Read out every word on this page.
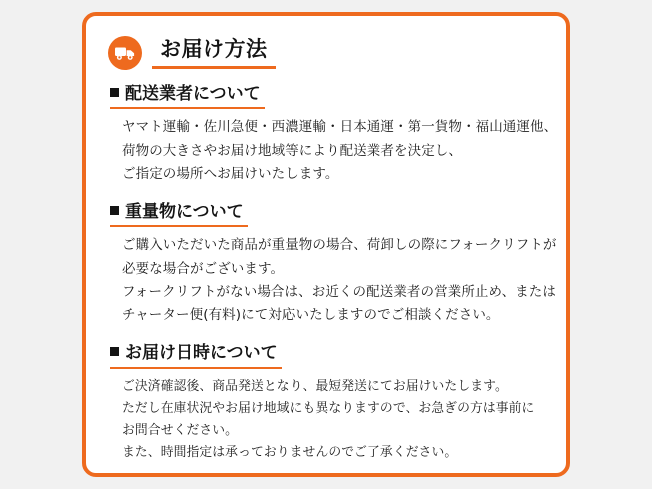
お届け方法
配送業者について
ヤマト運輸・佐川急便・西濃運輸・日本通運・第一貨物・福山通運他、
荷物の大きさやお届け地域等により配送業者を決定し、
ご指定の場所へお届けいたします。
重量物について
ご購入いただいた商品が重量物の場合、荷卸しの際にフォークリフトが
必要な場合がございます。
フォークリフトがない場合は、お近くの配送業者の営業所止め、または
チャーター便(有料)にて対応いたしますのでご相談ください。
お届け日時について
ご決済確認後、商品発送となり、最短発送にてお届けいたします。
ただし在庫状況やお届け地域にも異なりますので、お急ぎの方は事前に
お問合せください。
また、時間指定は承っておりませんのでご了承ください。
